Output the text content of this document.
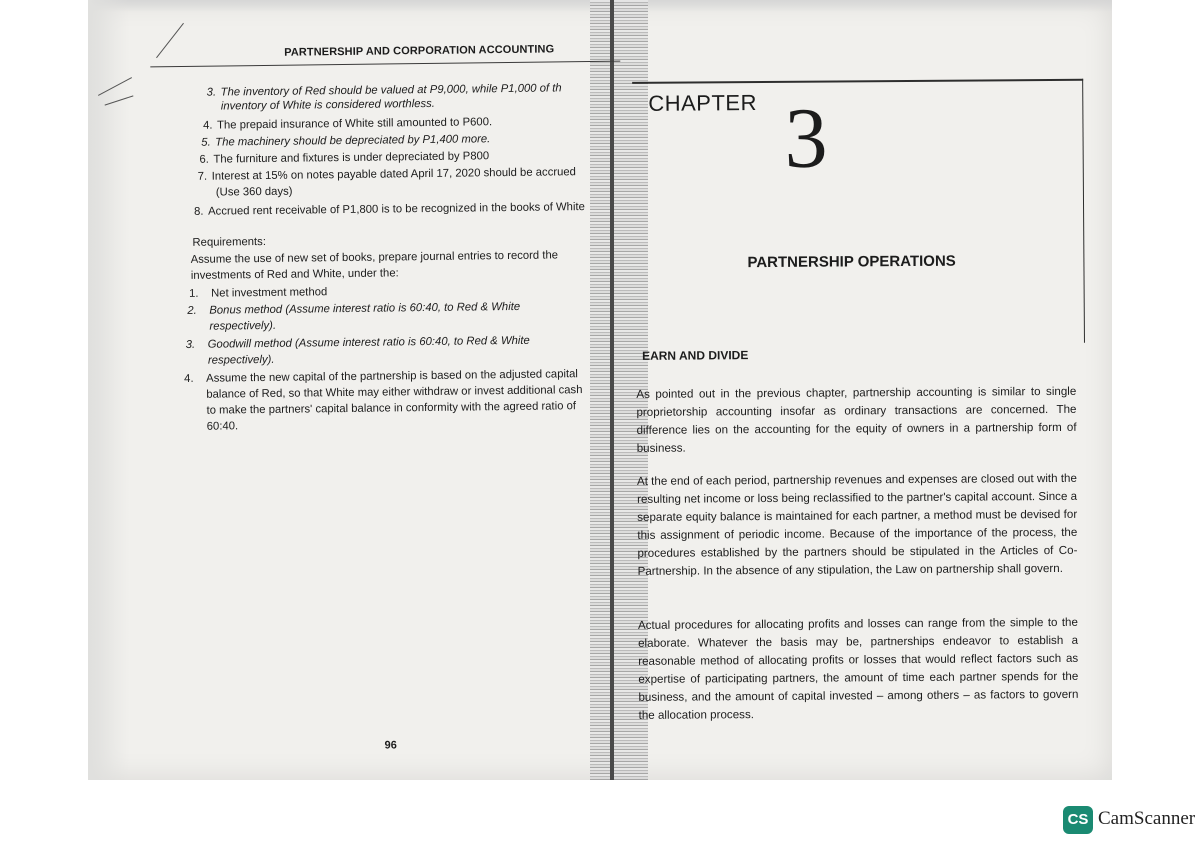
PARTNERSHIP AND CORPORATION ACCOUNTING
3. The inventory of Red should be valued at P9,000, while P1,000 of th
inventory of White is considered worthless.
4. The prepaid insurance of White still amounted to P600.
5. The machinery should be depreciated by P1,400 more.
6. The furniture and fixtures is under depreciated by P800
7. Interest at 15% on notes payable dated April 17, 2020 should be accrued
(Use 360 days)
8. Accrued rent receivable of P1,800 is to be recognized in the books of White
Requirements:
Assume the use of new set of books, prepare journal entries to record the
investments of Red and White, under the:
1. Net investment method
2. Bonus method (Assume interest ratio is 60:40, to Red & White
respectively).
3. Goodwill method (Assume interest ratio is 60:40, to Red & White
respectively).
4. Assume the new capital of the partnership is based on the adjusted capital
balance of Red, so that White may either withdraw or invest additional cash
to make the partners' capital balance in conformity with the agreed ratio of
60:40.
96
CHAPTER 3
PARTNERSHIP OPERATIONS
EARN AND DIVIDE
As pointed out in the previous chapter, partnership accounting is similar to single proprietorship accounting insofar as ordinary transactions are concerned. The difference lies on the accounting for the equity of owners in a partnership form of business.
At the end of each period, partnership revenues and expenses are closed out with the resulting net income or loss being reclassified to the partner's capital account. Since a separate equity balance is maintained for each partner, a method must be devised for this assignment of periodic income. Because of the importance of the process, the procedures established by the partners should be stipulated in the Articles of Co-Partnership. In the absence of any stipulation, the Law on partnership shall govern.
Actual procedures for allocating profits and losses can range from the simple to the elaborate. Whatever the basis may be, partnerships endeavor to establish a reasonable method of allocating profits or losses that would reflect factors such as expertise of participating partners, the amount of time each partner spends for the business, and the amount of capital invested – among others – as factors to govern the allocation process.
CS CamScanner
